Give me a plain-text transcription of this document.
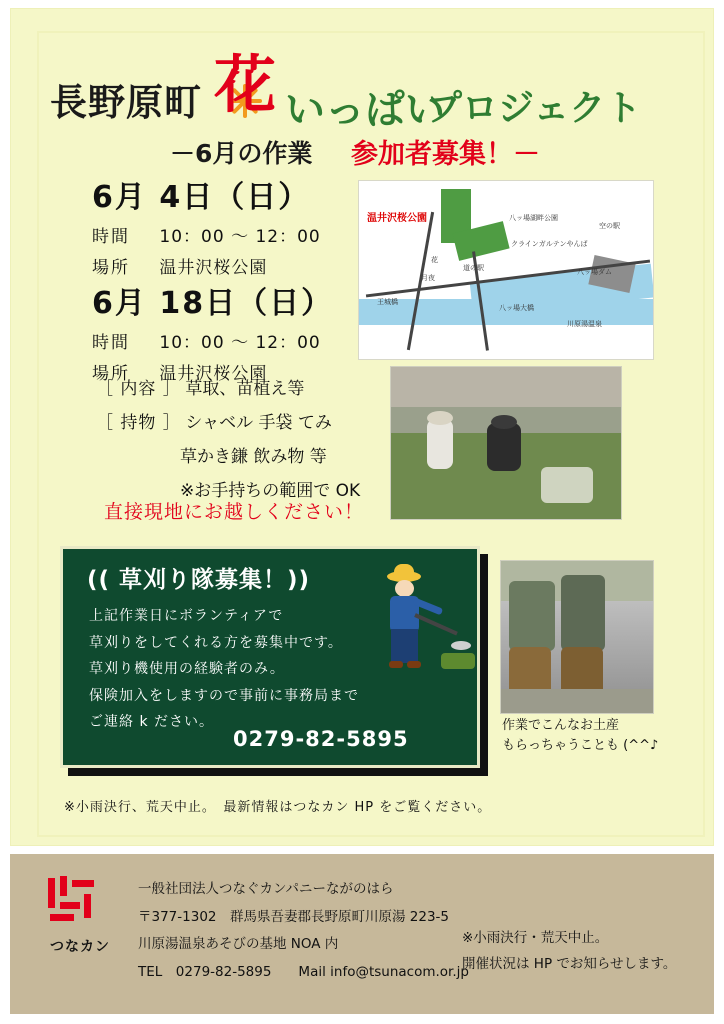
長野原町 花 いっぱい
プロジェクト
－6月の作業 参加者募集！－
6月 4日（日）
時間 10：00 ～ 12：00
場所 温井沢桜公園
6月 18日（日）
時間 10：00 ～ 12：00
場所 温井沢桜公園
［ 内容 ］ 草取、苗植え等
［ 持物 ］ シャベル 手袋 てみ
草かき鎌 飲み物 等
※お手持ちの範囲で OK
直接現地にお越しください！
温井沢桜公園	八ッ場湖畔公園
空の駅
クラインガルテンやんば
花
八ッ場ダム
道の駅
八ッ場大橋
川原湯温泉
王城橋
月夜
作業でこんなお土産
もらっちゃうことも (^^♪
(( 草刈り隊募集！))
上記作業日にボランティアで
草刈りをしてくれる方を募集中です。
草刈り機使用の経験者のみ。
保険加入をしますので事前に事務局まで
ご連絡 k ださい。
0279-82-5895
※小雨決行、荒天中止。　最新情報はつなカン HP をご覧ください。
つなカン
一般社団法人つなぐカンパニーながのはら
〒377-1302　群馬県吾妻郡長野原町川原湯 223-5
川原湯温泉あそびの基地 NOA 内
TEL　0279-82-5895　　Mail info@tsunacom.or.jp
※小雨決行・荒天中止。
開催状況は HP でお知らせします。
